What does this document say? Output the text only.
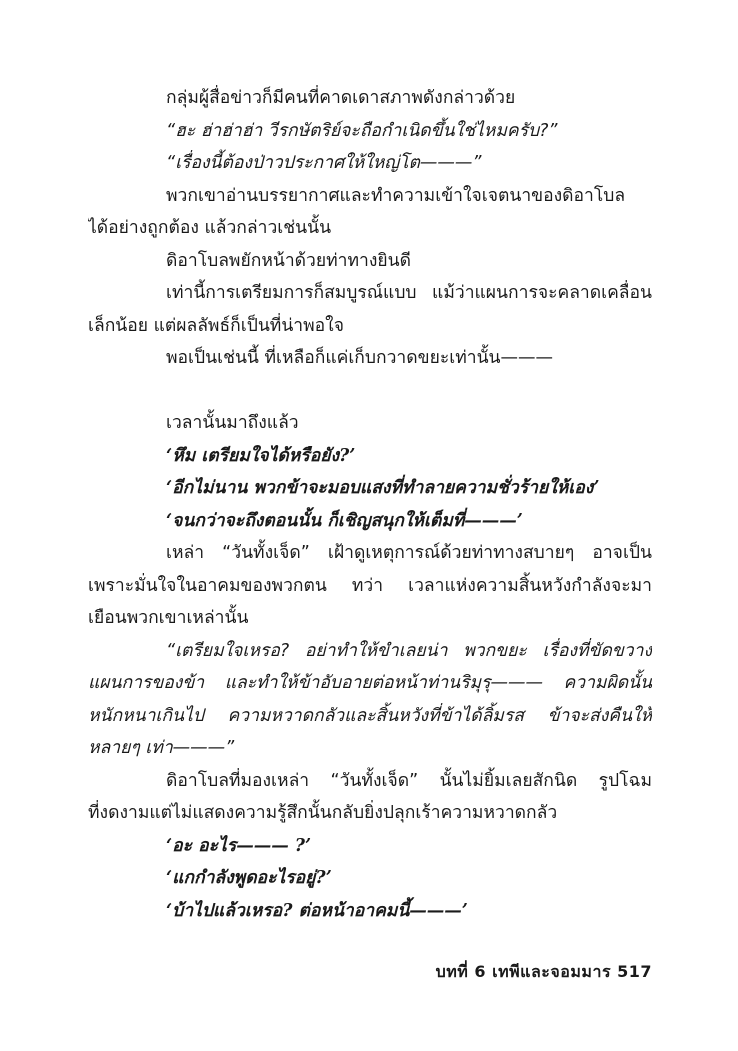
กลุ่มผู้สื่อข่าวก็มีคนที่คาดเดาสภาพดังกล่าวด้วย
“ฮะ ฮ่าฮ่าฮ่า วีรกษัตริย์จะถือกำเนิดขึ้นใช่ไหมครับ?”
“เรื่องนี้ต้องป่าวประกาศให้ใหญ่โต———”
พวกเขาอ่านบรรยากาศและทำความเข้าใจเจตนาของดิอาโบล
ได้อย่างถูกต้อง แล้วกล่าวเช่นนั้น
ดิอาโบลพยักหน้าด้วยท่าทางยินดี
เท่านี้การเตรียมการก็สมบูรณ์แบบ แม้ว่าแผนการจะคลาดเคลื่อน
เล็กน้อย แต่ผลลัพธ์ก็เป็นที่น่าพอใจ
พอเป็นเช่นนี้ ที่เหลือก็แค่เก็บกวาดขยะเท่านั้น———
เวลานั้นมาถึงแล้ว
‘หึม เตรียมใจได้หรือยัง?’
‘อีกไม่นาน พวกข้าจะมอบแสงที่ทำลายความชั่วร้ายให้เอง’
‘จนกว่าจะถึงตอนนั้น ก็เชิญสนุกให้เต็มที่———’
เหล่า “วันทั้งเจ็ด” เฝ้าดูเหตุการณ์ด้วยท่าทางสบายๆ อาจเป็น
เพราะมั่นใจในอาคมของพวกตน ทว่า เวลาแห่งความสิ้นหวังกำลังจะมา
เยือนพวกเขาเหล่านั้น
“เตรียมใจเหรอ? อย่าทำให้ขำเลยน่า พวกขยะ เรื่องที่ขัดขวาง
แผนการของข้า และทำให้ข้าอับอายต่อหน้าท่านริมุรุ——— ความผิดนั้น
หนักหนาเกินไป ความหวาดกลัวและสิ้นหวังที่ข้าได้ลิ้มรส ข้าจะส่งคืนให้
หลายๆ เท่า———”
ดิอาโบลที่มองเหล่า “วันทั้งเจ็ด” นั้นไม่ยิ้มเลยสักนิด รูปโฉม
ที่งดงามแต่ไม่แสดงความรู้สึกนั้นกลับยิ่งปลุกเร้าความหวาดกลัว
‘อะ อะไร——— ?’
‘แกกำลังพูดอะไรอยู่?’
‘บ้าไปแล้วเหรอ? ต่อหน้าอาคมนี้———’
บทที่ 6 เทพีและจอมมาร 517
